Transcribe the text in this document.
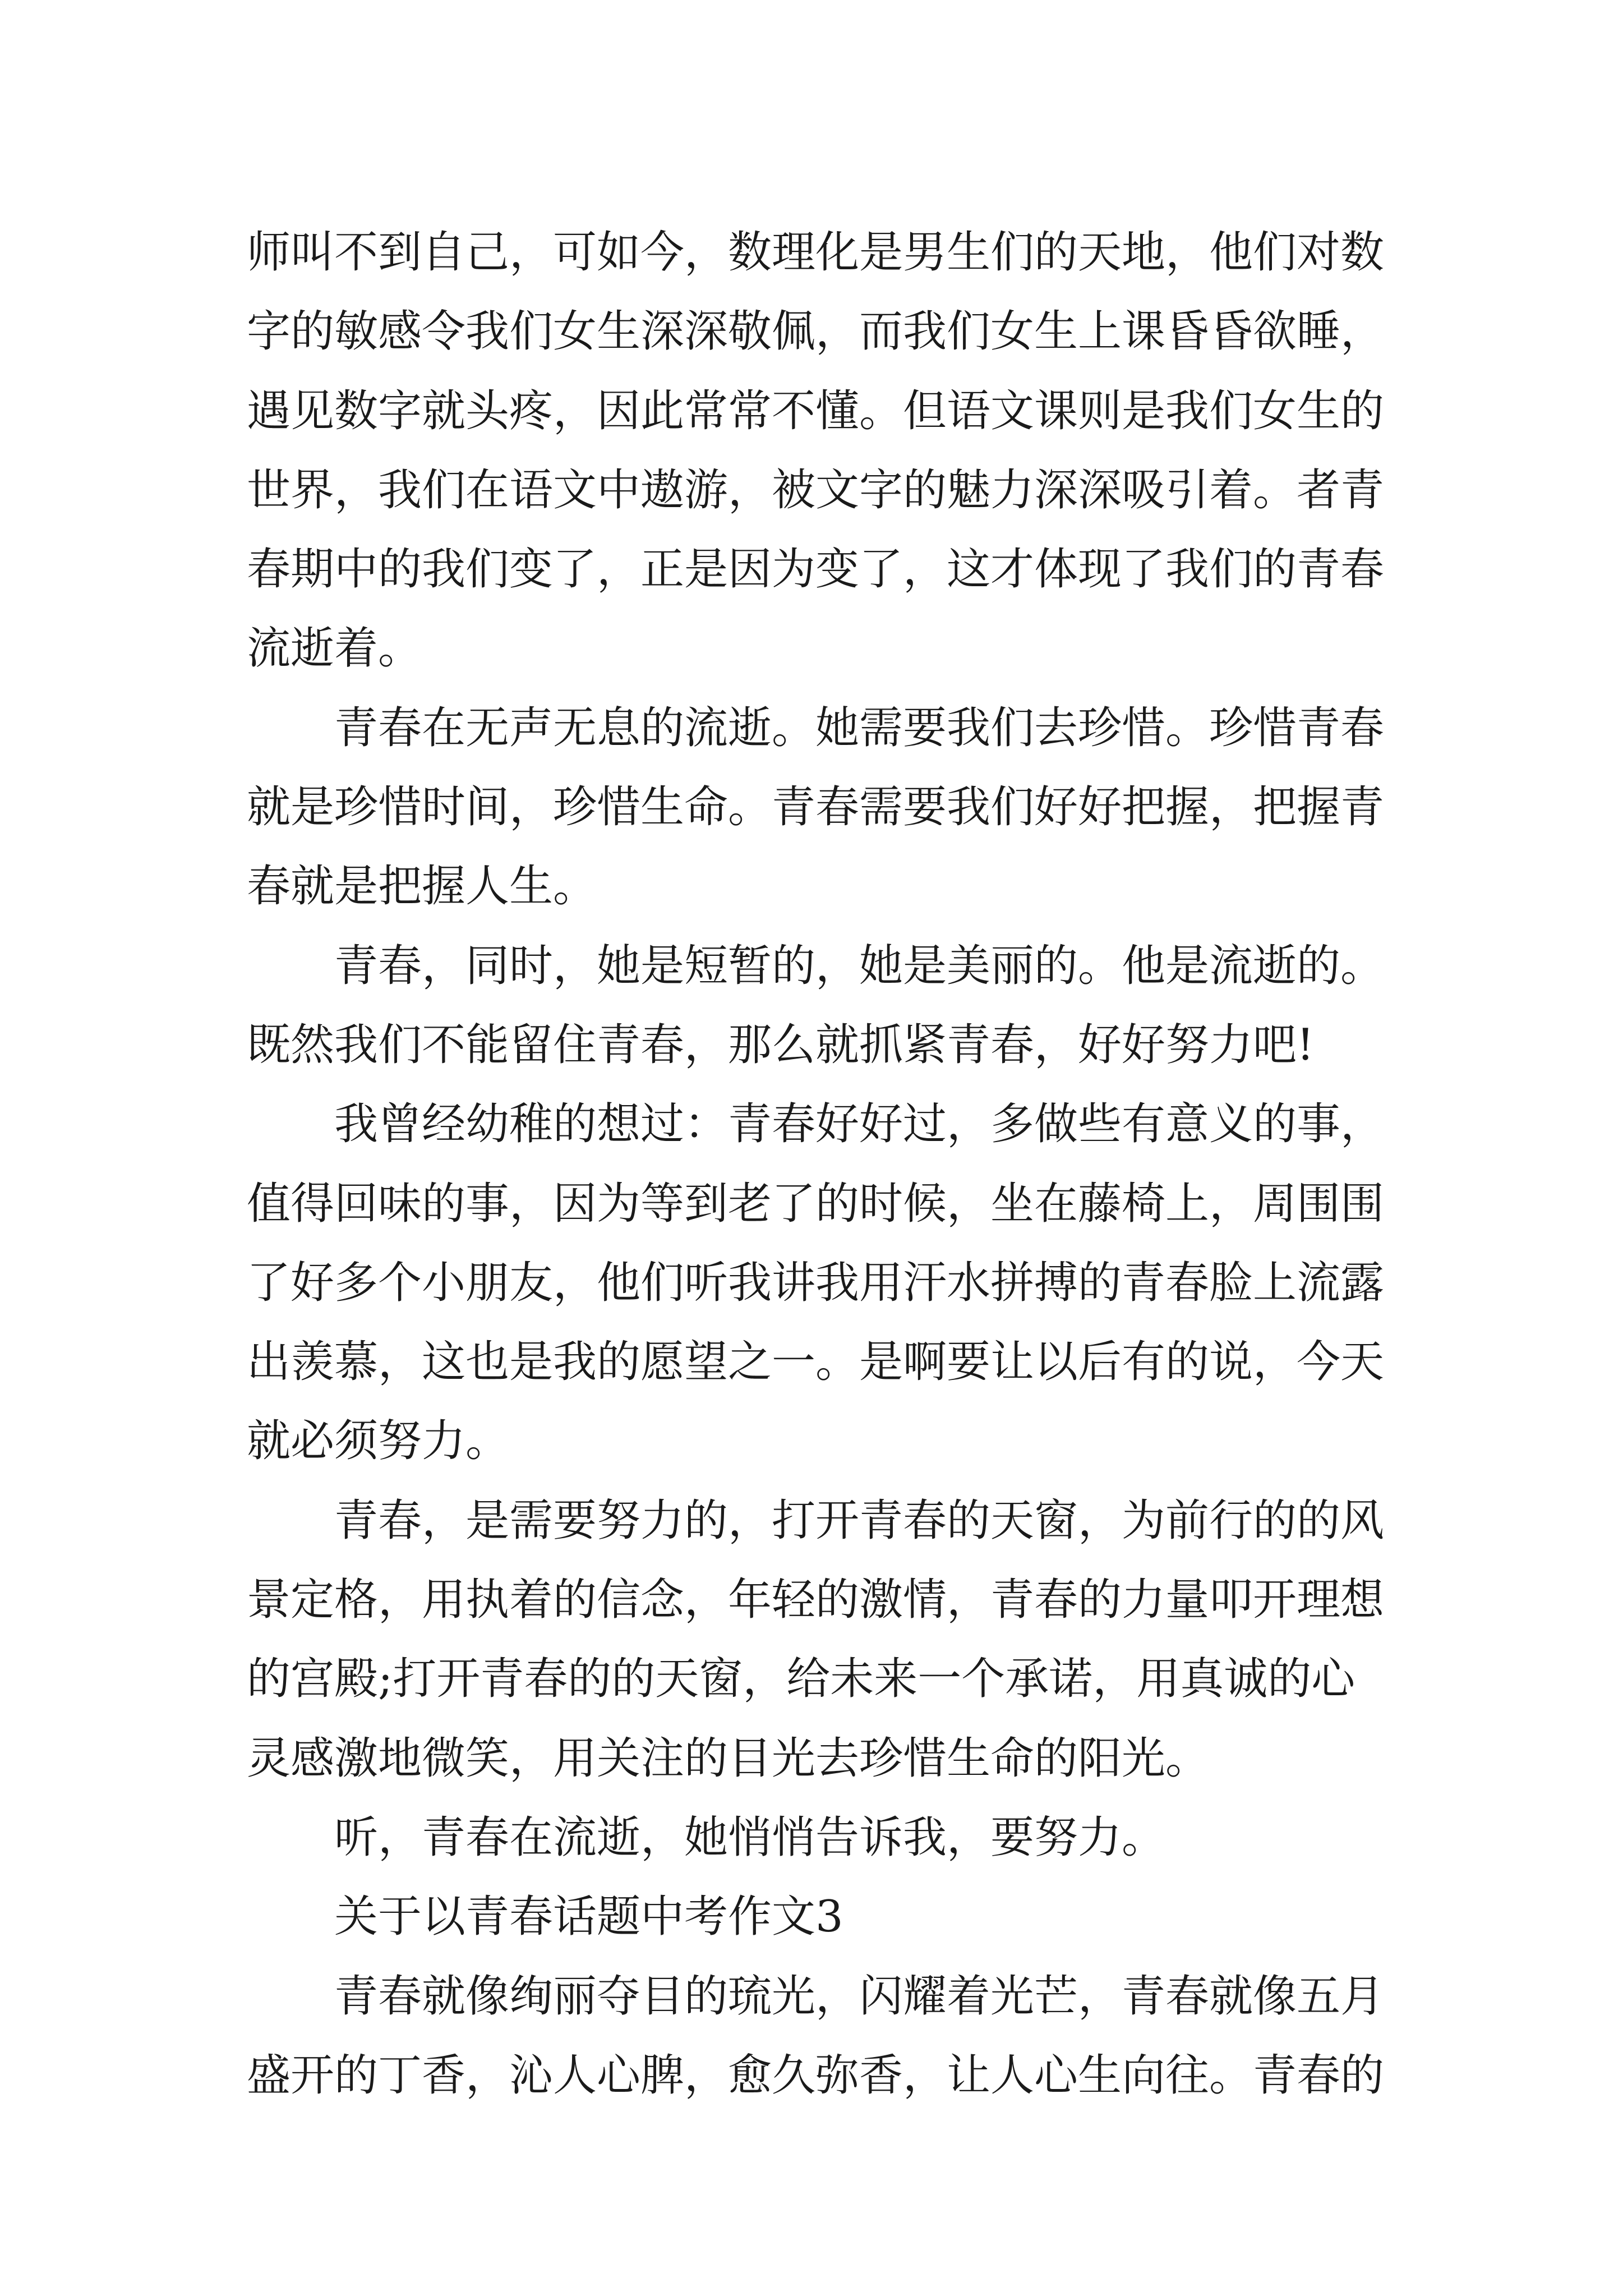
师叫不到自己，可如今，数理化是男生们的天地，他们对数
字的敏感令我们女生深深敬佩，而我们女生上课昏昏欲睡，
遇见数字就头疼，因此常常不懂。但语文课则是我们女生的
世界，我们在语文中遨游，被文字的魅力深深吸引着。者青
春期中的我们变了，正是因为变了，这才体现了我们的青春
流逝着。
青春在无声无息的流逝。她需要我们去珍惜。珍惜青春
就是珍惜时间，珍惜生命。青春需要我们好好把握，把握青
春就是把握人生。
青春，同时，她是短暂的，她是美丽的。他是流逝的。
既然我们不能留住青春，那么就抓紧青春，好好努力吧!
我曾经幼稚的想过：青春好好过，多做些有意义的事，
值得回味的事，因为等到老了的时候，坐在藤椅上，周围围
了好多个小朋友，他们听我讲我用汗水拼搏的青春脸上流露
出羡慕，这也是我的愿望之一。是啊要让以后有的说，今天
就必须努力。
青春，是需要努力的，打开青春的天窗，为前行的的风
景定格，用执着的信念，年轻的激情，青春的力量叩开理想
的宫殿;打开青春的的天窗，给未来一个承诺，用真诚的心
灵感激地微笑，用关注的目光去珍惜生命的阳光。
听，青春在流逝，她悄悄告诉我，要努力。
关于以青春话题中考作文3
青春就像绚丽夺目的琉光，闪耀着光芒，青春就像五月
盛开的丁香，沁人心脾，愈久弥香，让人心生向往。青春的
